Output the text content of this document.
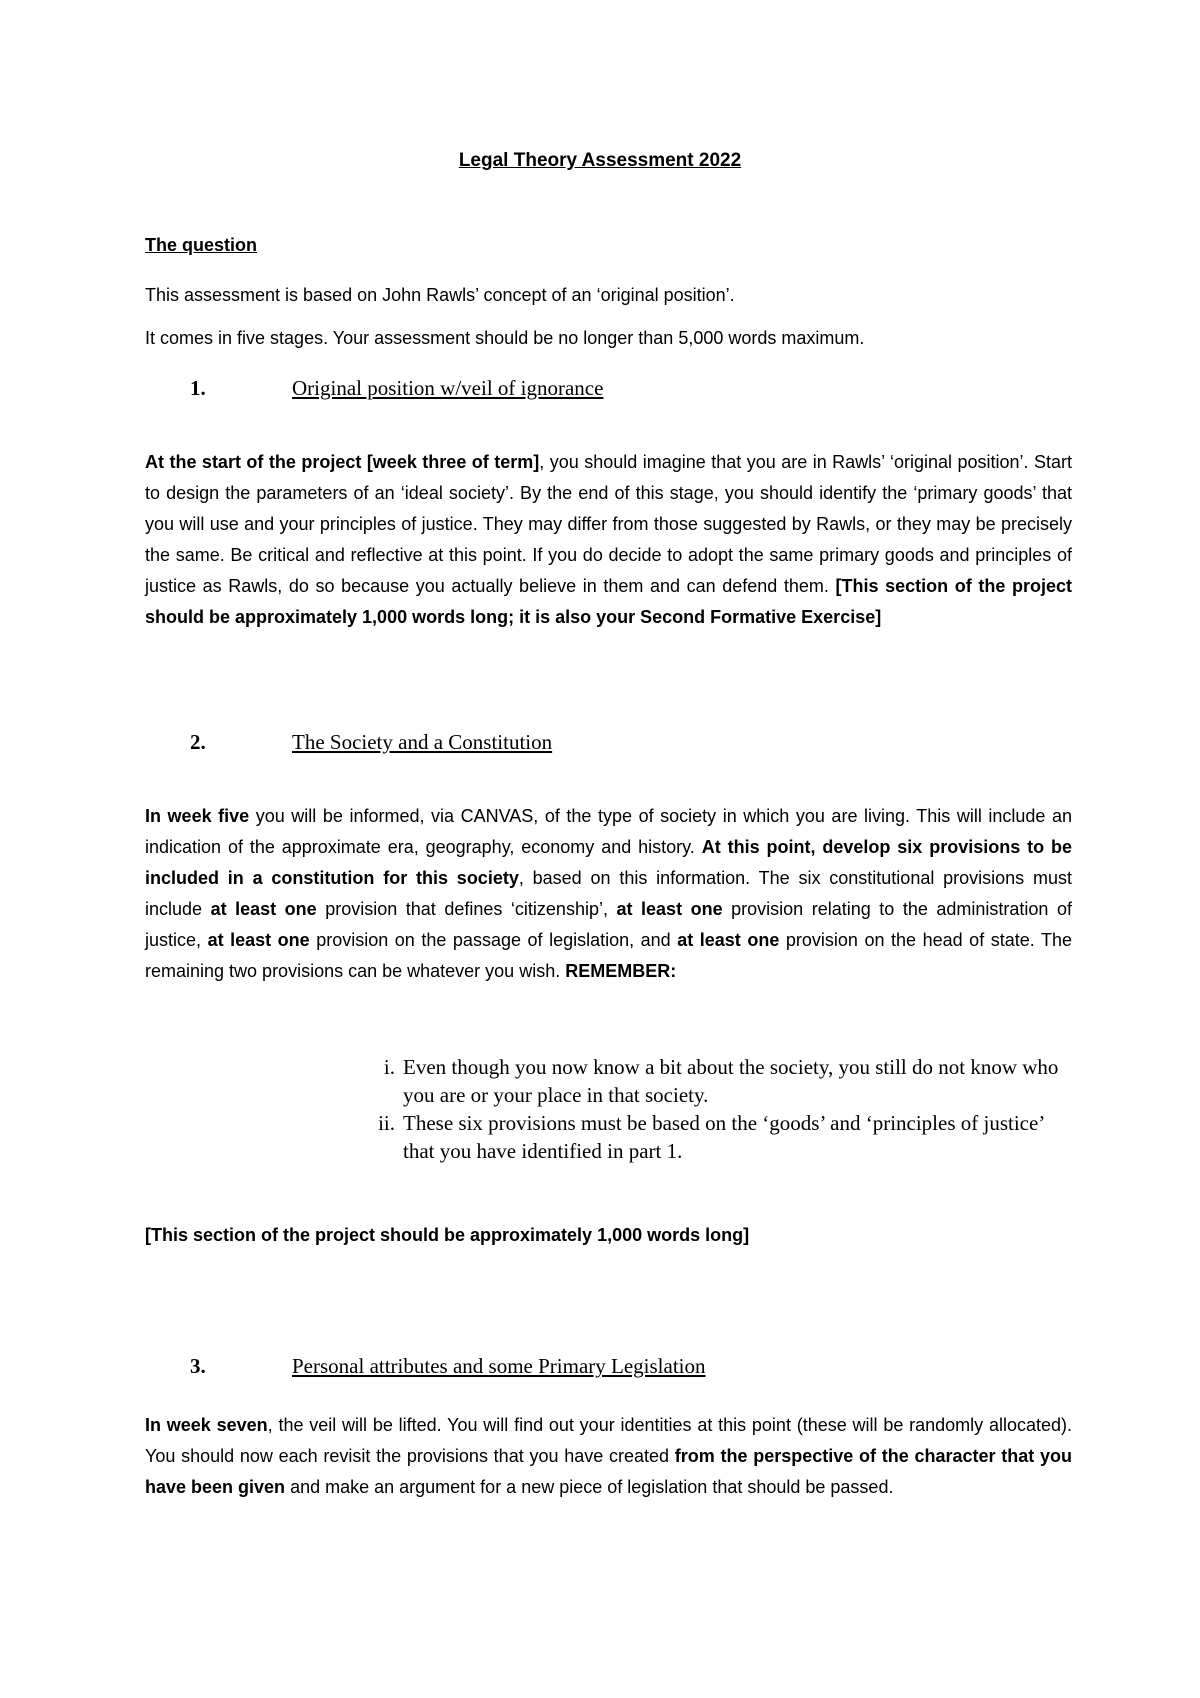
Legal Theory Assessment 2022
The question
This assessment is based on John Rawls’ concept of an ‘original position’.
It comes in five stages. Your assessment should be no longer than 5,000 words maximum.
1.	Original position w/veil of ignorance
At the start of the project [week three of term], you should imagine that you are in Rawls’ ‘original position’. Start to design the parameters of an ‘ideal society’. By the end of this stage, you should identify the ‘primary goods’ that you will use and your principles of justice. They may differ from those suggested by Rawls, or they may be precisely the same. Be critical and reflective at this point. If you do decide to adopt the same primary goods and principles of justice as Rawls, do so because you actually believe in them and can defend them. [This section of the project should be approximately 1,000 words long; it is also your Second Formative Exercise]
2.	The Society and a Constitution
In week five you will be informed, via CANVAS, of the type of society in which you are living. This will include an indication of the approximate era, geography, economy and history. At this point, develop six provisions to be included in a constitution for this society, based on this information. The six constitutional provisions must include at least one provision that defines ‘citizenship’, at least one provision relating to the administration of justice, at least one provision on the passage of legislation, and at least one provision on the head of state. The remaining two provisions can be whatever you wish. REMEMBER:
i. Even though you now know a bit about the society, you still do not know who you are or your place in that society.
ii. These six provisions must be based on the ‘goods’ and ‘principles of justice’ that you have identified in part 1.
[This section of the project should be approximately 1,000 words long]
3.	Personal attributes and some Primary Legislation
In week seven, the veil will be lifted. You will find out your identities at this point (these will be randomly allocated). You should now each revisit the provisions that you have created from the perspective of the character that you have been given and make an argument for a new piece of legislation that should be passed.
